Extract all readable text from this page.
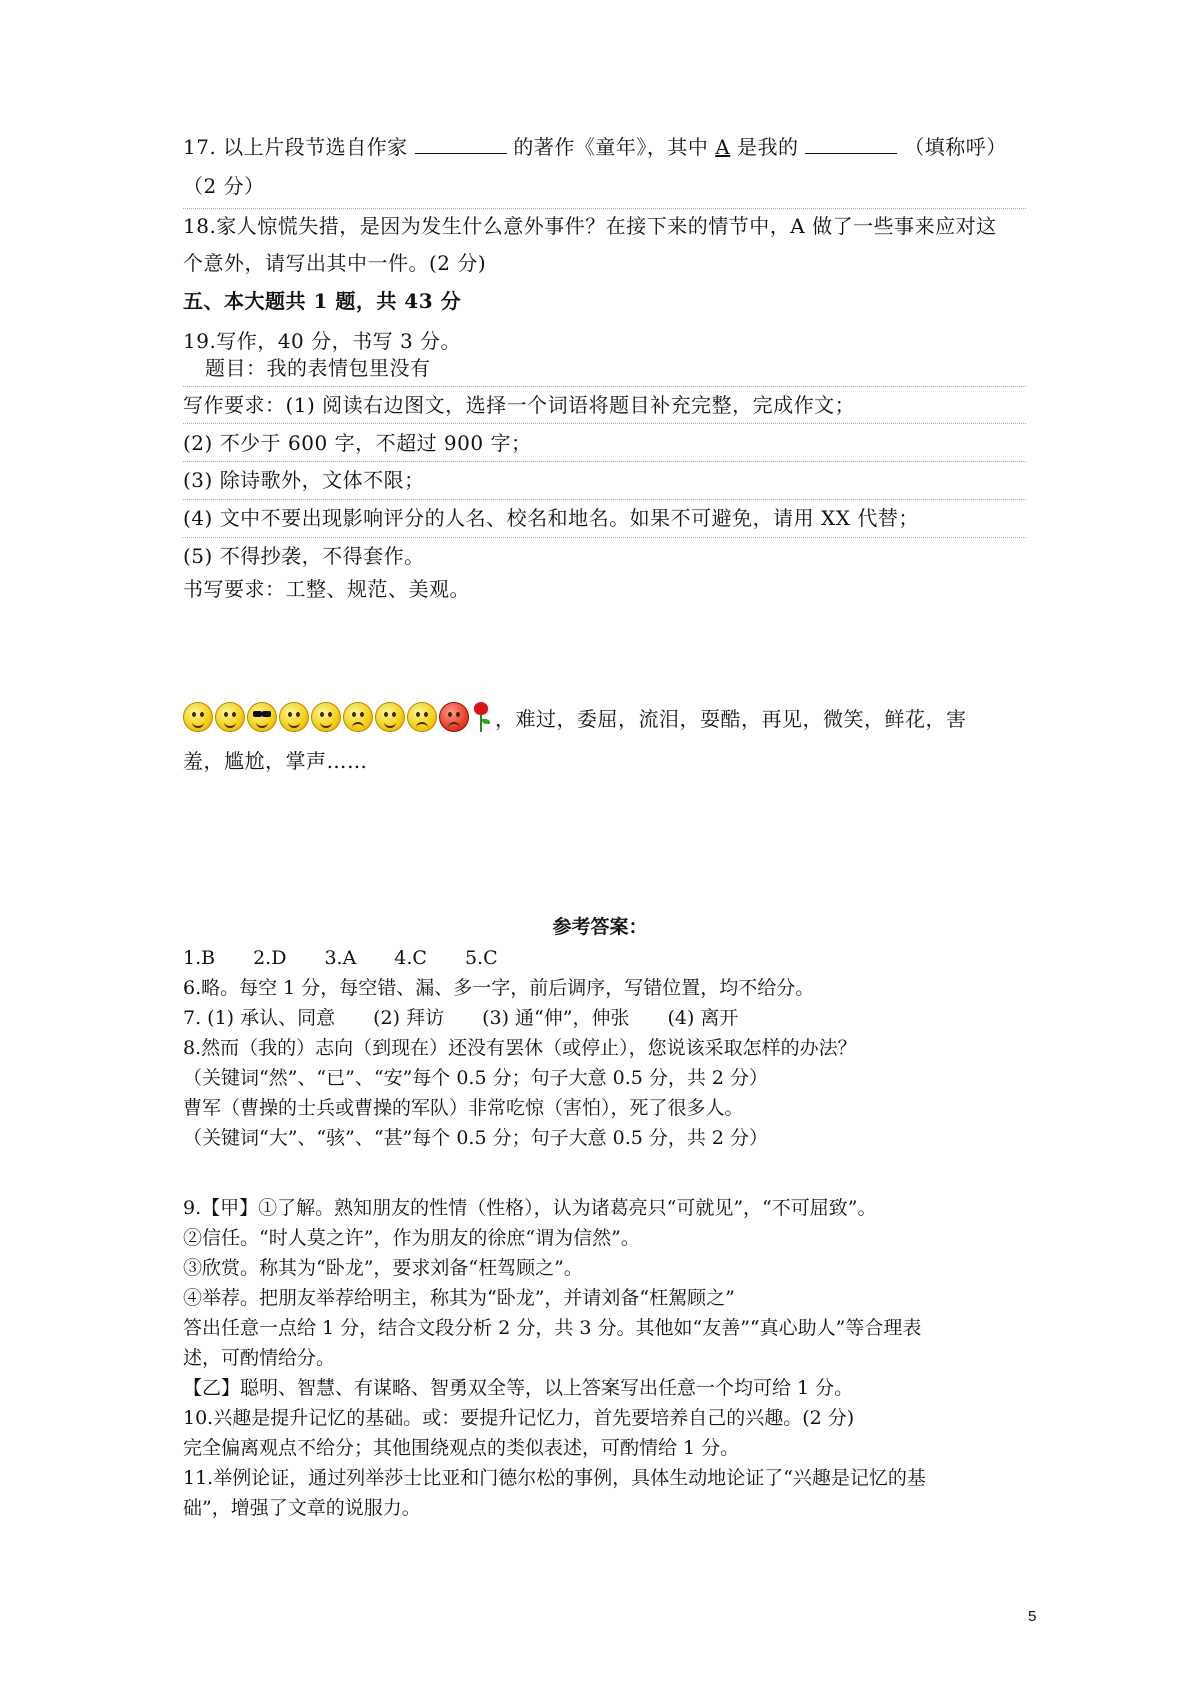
17. 以上片段节选自作家	的著作《童年》，其中 A 是我的	（填称呼）
（2 分）
18.家人惊慌失措，是因为发生什么意外事件？在接下来的情节中，A 做了一些事来应对这
个意外，请写出其中一件。(2 分)
五、本大题共 1 题，共 43 分
19.写作，40 分，书写 3 分。
题目：我的表情包里没有
写作要求：(1) 阅读右边图文，选择一个词语将题目补充完整，完成作文；
(2) 不少于 600 字，不超过 900 字；
(3) 除诗歌外，文体不限；
(4) 文中不要出现影响评分的人名、校名和地名。如果不可避免，请用 XX 代替；
(5) 不得抄袭，不得套作。
书写要求：工整、规范、美观。
，难过，委屈，流泪，耍酷，再见，微笑，鲜花，害
羞，尴尬，掌声……
参考答案：
1.B　　2.D　　3.A　　4.C　　5.C
6.略。每空 1 分，每空错、漏、多一字，前后调序，写错位置，均不给分。
7. (1) 承认、同意　　(2) 拜访　　(3) 通“伸”，伸张　　(4) 离开
8.然而（我的）志向（到现在）还没有罢休（或停止），您说该采取怎样的办法？
（关键词“然”、“已”、“安”每个 0.5 分；句子大意 0.5 分，共 2 分）
曹军（曹操的士兵或曹操的军队）非常吃惊（害怕），死了很多人。
（关键词“大”、“骇”、“甚”每个 0.5 分；句子大意 0.5 分，共 2 分）
9.【甲】①了解。熟知朋友的性情（性格），认为诸葛亮只“可就见”，“不可屈致”。
②信任。“时人莫之许”，作为朋友的徐庶“谓为信然”。
③欣赏。称其为“卧龙”，要求刘备“枉驾顾之”。
④举荐。把朋友举荐给明主，称其为“卧龙”，并请刘备“枉駕顾之”
答出任意一点给 1 分，结合文段分析 2 分，共 3 分。其他如“友善”“真心助人”等合理表
述，可酌情给分。
【乙】聪明、智慧、有谋略、智勇双全等，以上答案写出任意一个均可给 1 分。
10.兴趣是提升记忆的基础。或：要提升记忆力，首先要培养自己的兴趣。(2 分)
完全偏离观点不给分；其他围绕观点的类似表述，可酌情给 1 分。
11.举例论证，通过列举莎士比亚和门德尔松的事例，具体生动地论证了“兴趣是记忆的基
础”，增强了文章的说服力。
5
